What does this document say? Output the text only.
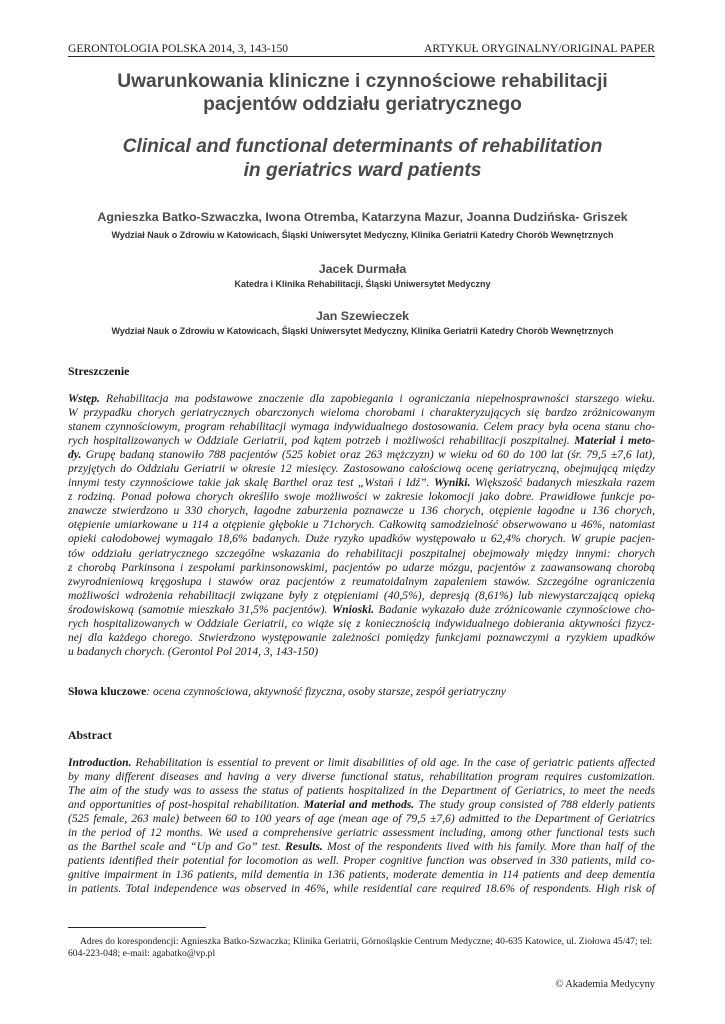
GERONTOLOGIA POLSKA 2014, 3, 143-150	ARTYKUŁ ORYGINALNY/ORIGINAL PAPER
Uwarunkowania kliniczne i czynnościowe rehabilitacji
pacjentów oddziału geriatrycznego
Clinical and functional determinants of rehabilitation
in geriatrics ward patients
Agnieszka Batko-Szwaczka, Iwona Otremba, Katarzyna Mazur, Joanna Dudzińska- Griszek
Wydział Nauk o Zdrowiu w Katowicach, Śląski Uniwersytet Medyczny, Klinika Geriatrii Katedry Chorób Wewnętrznych
Jacek Durmała
Katedra i Klinika Rehabilitacji, Śląski Uniwersytet Medyczny
Jan Szewieczek
Wydział Nauk o Zdrowiu w Katowicach, Śląski Uniwersytet Medyczny, Klinika Geriatrii Katedry Chorób Wewnętrznych
Streszczenie
Wstęp. Rehabilitacja ma podstawowe znaczenie dla zapobiegania i ograniczania niepełnosprawności starszego wieku.
W przypadku chorych geriatrycznych obarczonych wieloma chorobami i charakteryzujących się bardzo zróżnicowanym
stanem czynnościowym, program rehabilitacji wymaga indywidualnego dostosowania. Celem pracy była ocena stanu cho-
rych hospitalizowanych w Oddziale Geriatrii, pod kątem potrzeb i możliwości rehabilitacji poszpitalnej. Materiał i meto-
dy. Grupę badaną stanowiło 788 pacjentów (525 kobiet oraz 263 mężczyzn) w wieku od 60 do 100 lat (śr. 79,5 ±7,6 lat),
przyjętych do Oddziału Geriatrii w okresie 12 miesięcy. Zastosowano całościową ocenę geriatryczną, obejmującą między
innymi testy czynnościowe takie jak skalę Barthel oraz test „Wstań i Idź”. Wyniki. Większość badanych mieszkała razem
z rodziną. Ponad połowa chorych określiło swoje możliwości w zakresie lokomocji jako dobre. Prawidłowe funkcje po-
znawcze stwierdzono u 330 chorych, łagodne zaburzenia poznawcze u 136 chorych, otępienie łagodne u 136 chorych,
otępienie umiarkowane u 114 a otępienie głębokie u 71chorych. Całkowitą samodzielność obserwowano u 46%, natomiast
opieki całodobowej wymagało 18,6% badanych. Duże ryzyko upadków występowało u 62,4% chorych. W grupie pacjen-
tów oddziału geriatrycznego szczególne wskazania do rehabilitacji poszpitalnej obejmowały między innymi: chorych
z chorobą Parkinsona i zespołami parkinsonowskimi, pacjentów po udarze mózgu, pacjentów z zaawansowaną chorobą
zwyrodnieniową kręgosłupa i stawów oraz pacjentów z reumatoidalnym zapaleniem stawów. Szczególne ograniczenia
możliwości wdrożenia rehabilitacji związane były z otępieniami (40,5%), depresją (8,61%) lub niewystarczającą opieką
środowiskową (samotnie mieszkało 31,5% pacjentów). Wnioski. Badanie wykazało duże zróżnicowanie czynnościowe cho-
rych hospitalizowanych w Oddziale Geriatrii, co wiąże się z koniecznością indywidualnego dobierania aktywności fizycz-
nej dla każdego chorego. Stwierdzono występowanie zależności pomiędzy funkcjami poznawczymi a ryzykiem upadków
u badanych chorych. (Gerontol Pol 2014, 3, 143-150)
Słowa kluczowe: ocena czynnościowa, aktywność fizyczna, osoby starsze, zespół geriatryczny
Abstract
Introduction. Rehabilitation is essential to prevent or limit disabilities of old age. In the case of geriatric patients affected
by many different diseases and having a very diverse functional status, rehabilitation program requires customization.
The aim of the study was to assess the status of patients hospitalized in the Department of Geriatrics, to meet the needs
and opportunities of post-hospital rehabilitation. Material and methods. The study group consisted of 788 elderly patients
(525 female, 263 male) between 60 to 100 years of age (mean age of 79,5 ±7,6) admitted to the Department of Geriatrics
in the period of 12 months. We used a comprehensive geriatric assessment including, among other functional tests such
as the Barthel scale and “Up and Go” test. Results. Most of the respondents lived with his family. More than half of the
patients identified their potential for locomotion as well. Proper cognitive function was observed in 330 patients, mild co-
gnitive impairment in 136 patients, mild dementia in 136 patients, moderate dementia in 114 patients and deep dementia
in patients. Total independence was observed in 46%, while residential care required 18.6% of respondents. High risk of
Adres do korespondencji: Agnieszka Batko-Szwaczka; Klinika Geriatrii, Górnośląskie Centrum Medyczne; 40-635 Katowice, ul. Ziołowa 45/47; tel: 604-223-048; e-mail: agabatko@vp.pl
© Akademia Medycyny
